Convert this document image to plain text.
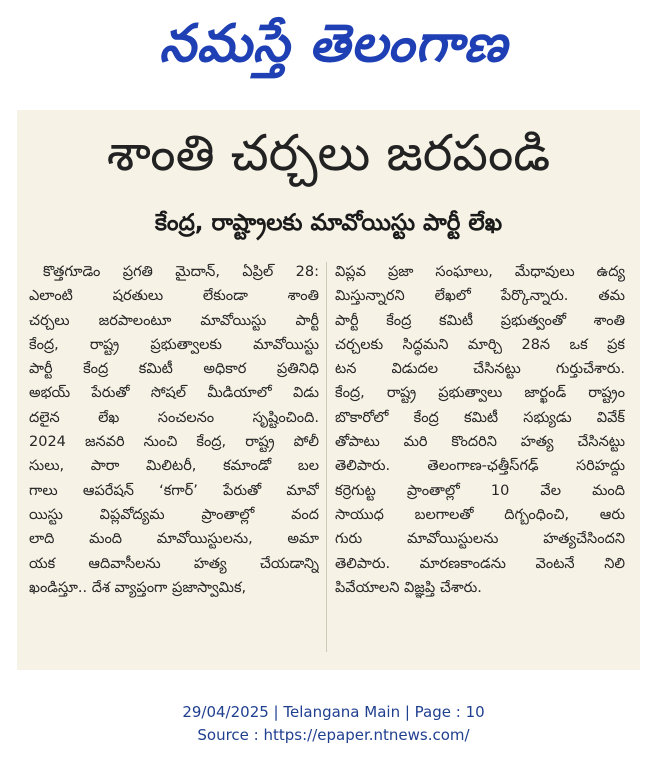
నమస్తే తెలంగాణ
శాంతి చర్చలు జరపండి
కేంద్ర, రాష్ట్రాలకు మావోయిస్టు పార్టీ లేఖ
కొత్తగూడెం ప్రగతి మైదాన్, ఏప్రిల్ 28:
ఎలాంటి షరతులు లేకుండా శాంతి
చర్చలు జరపాలంటూ మావోయిస్టు పార్టీ
కేంద్ర, రాష్ట్ర ప్రభుత్వాలకు మావోయిస్టు
పార్టీ కేంద్ర కమిటీ అధికార ప్రతినిధి
అభయ్ పేరుతో సోషల్ మీడియాలో విడు
దలైన లేఖ సంచలనం సృష్టించింది.
2024 జనవరి నుంచి కేంద్ర, రాష్ట్ర పోలీ
సులు, పారా మిలిటరీ, కమాండో బల
గాలు ఆపరేషన్ ‘కగార్’ పేరుతో మావో
యిస్టు విప్లవోద్యమ ప్రాంతాల్లో వంద
లాది మంది మావోయిస్టులను, అమా
యక ఆదివాసీలను హత్య చేయడాన్ని
ఖండిస్తూ.. దేశ వ్యాప్తంగా ప్రజాస్వామిక,
విప్లవ ప్రజా సంఘాలు, మేధావులు ఉద్య
మిస్తున్నారని లేఖలో పేర్కొన్నారు. తమ
పార్టీ కేంద్ర కమిటీ ప్రభుత్వంతో శాంతి
చర్చలకు సిద్ధమని మార్చి 28న ఒక ప్రక
టన విడుదల చేసినట్టు గుర్తుచేశారు.
కేంద్ర, రాష్ట్ర ప్రభుత్వాలు జార్ఖండ్ రాష్ట్రం
బొకారోలో కేంద్ర కమిటీ సభ్యుడు వివేక్
తోపాటు మరి కొందరిని హత్య చేసినట్టు
తెలిపారు. తెలంగాణ-ఛత్తీస్‌గఢ్ సరిహద్దు
కర్రెగుట్ట ప్రాంతాల్లో 10 వేల మంది
సాయుధ బలగాలతో దిగ్బంధించి, ఆరు
గురు మావోయిస్టులను హత్యచేసిందని
తెలిపారు. మారణకాండను వెంటనే నిలి
పివేయాలని విజ్ఞప్తి చేశారు.
29/04/2025 | Telangana Main | Page : 10
Source : https://epaper.ntnews.com/
